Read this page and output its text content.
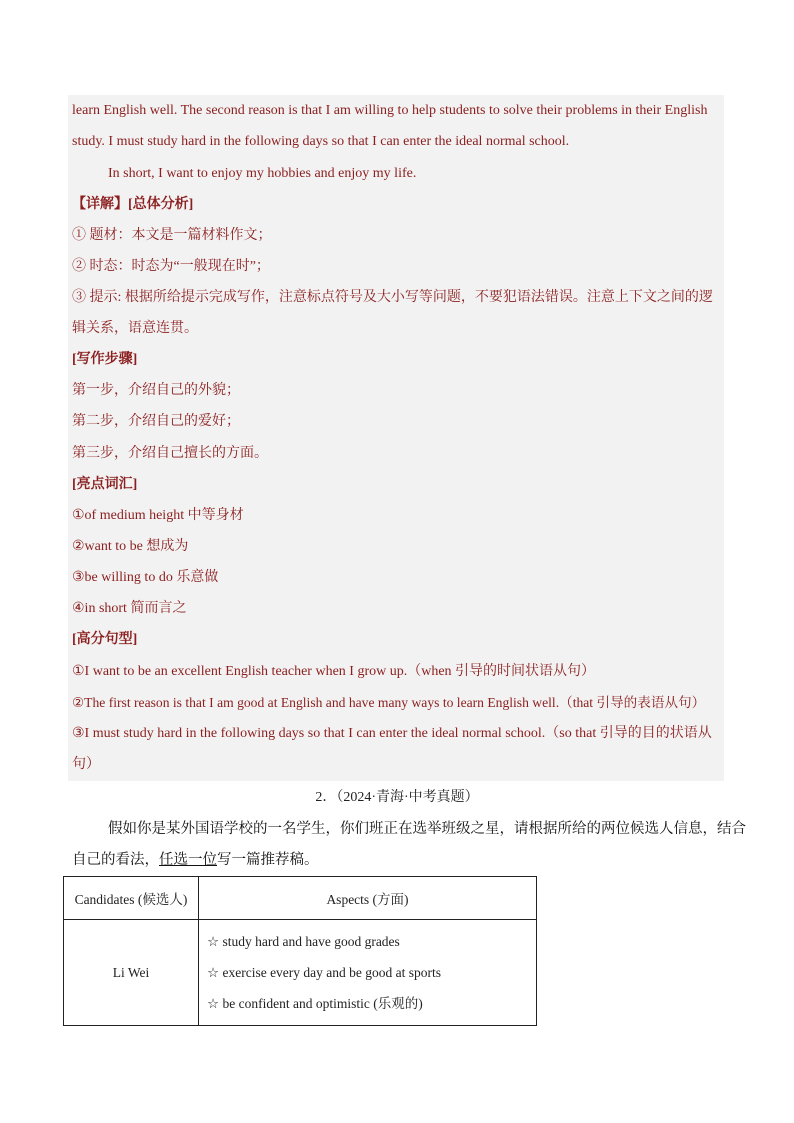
learn English well. The second reason is that I am willing to help students to solve their problems in their English
study. I must study hard in the following days so that I can enter the ideal normal school.
In short, I want to enjoy my hobbies and enjoy my life.
【详解】[总体分析]
① 题材：本文是一篇材料作文；
② 时态：时态为“一般现在时”；
③ 提示: 根据所给提示完成写作，注意标点符号及大小写等问题，不要犯语法错误。注意上下文之间的逻
辑关系，语意连贯。
[写作步骤]
第一步，介绍自己的外貌；
第二步，介绍自己的爱好；
第三步，介绍自己擅长的方面。
[亮点词汇]
①of medium height 中等身材
②want to be 想成为
③be willing to do 乐意做
④in short 简而言之
[高分句型]
①I want to be an excellent English teacher when I grow up.（when 引导的时间状语从句）
②The first reason is that I am good at English and have many ways to learn English well.（that 引导的表语从句）
③I must study hard in the following days so that I can enter the ideal normal school.（so that 引导的目的状语从
句）
2．（2024·青海·中考真题）
假如你是某外国语学校的一名学生，你们班正在选举班级之星，请根据所给的两位候选人信息，结合
自己的看法，任选一位写一篇推荐稿。
Candidates (候选人)	Aspects (方面)
Li Wei	☆ study hard and have good grades
☆ exercise every day and be good at sports
☆ be confident and optimistic (乐观的)
